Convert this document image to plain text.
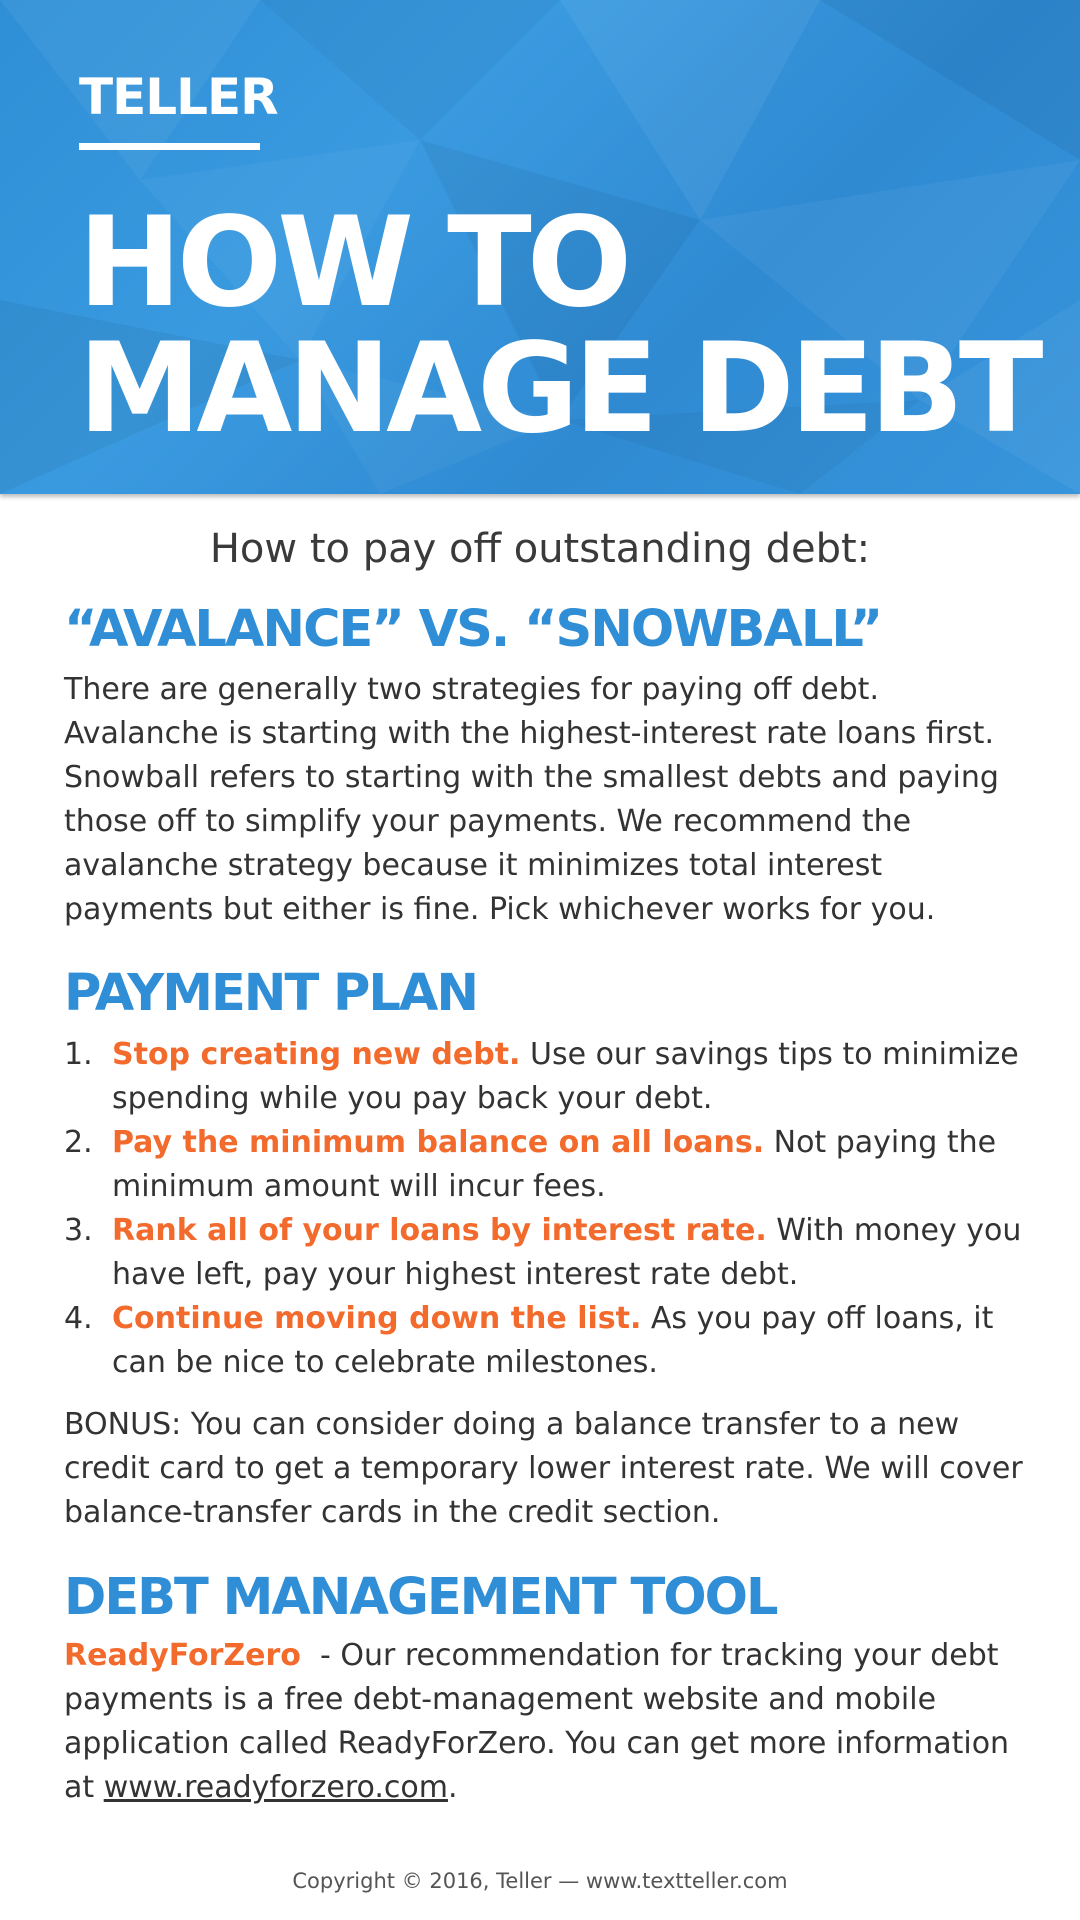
TELLER
HOW TO
MANAGE DEBT
How to pay off outstanding debt:
“AVALANCE” VS. “SNOWBALL”

There are generally two strategies for paying off debt. Avalanche is starting with the highest-interest rate loans first. Snowball refers to starting with the smallest debts and paying those off to simplify your payments. We recommend the avalanche strategy because it minimizes total interest payments but either is fine. Pick whichever works for you.

PAYMENT PLAN
1. Stop creating new debt. Use our savings tips to minimize spending while you pay back your debt.
2. Pay the minimum balance on all loans. Not paying the minimum amount will incur fees.
3. Rank all of your loans by interest rate. With money you have left, pay your highest interest rate debt.
4. Continue moving down the list. As you pay off loans, it can be nice to celebrate milestones.

BONUS: You can consider doing a balance transfer to a new credit card to get a temporary lower interest rate. We will cover balance-transfer cards in the credit section.

DEBT MANAGEMENT TOOL

ReadyForZero  - Our recommendation for tracking your debt payments is a free debt-management website and mobile application called ReadyForZero. You can get more information at www.readyforzero.com.

Copyright © 2016, Teller — www.textteller.com
